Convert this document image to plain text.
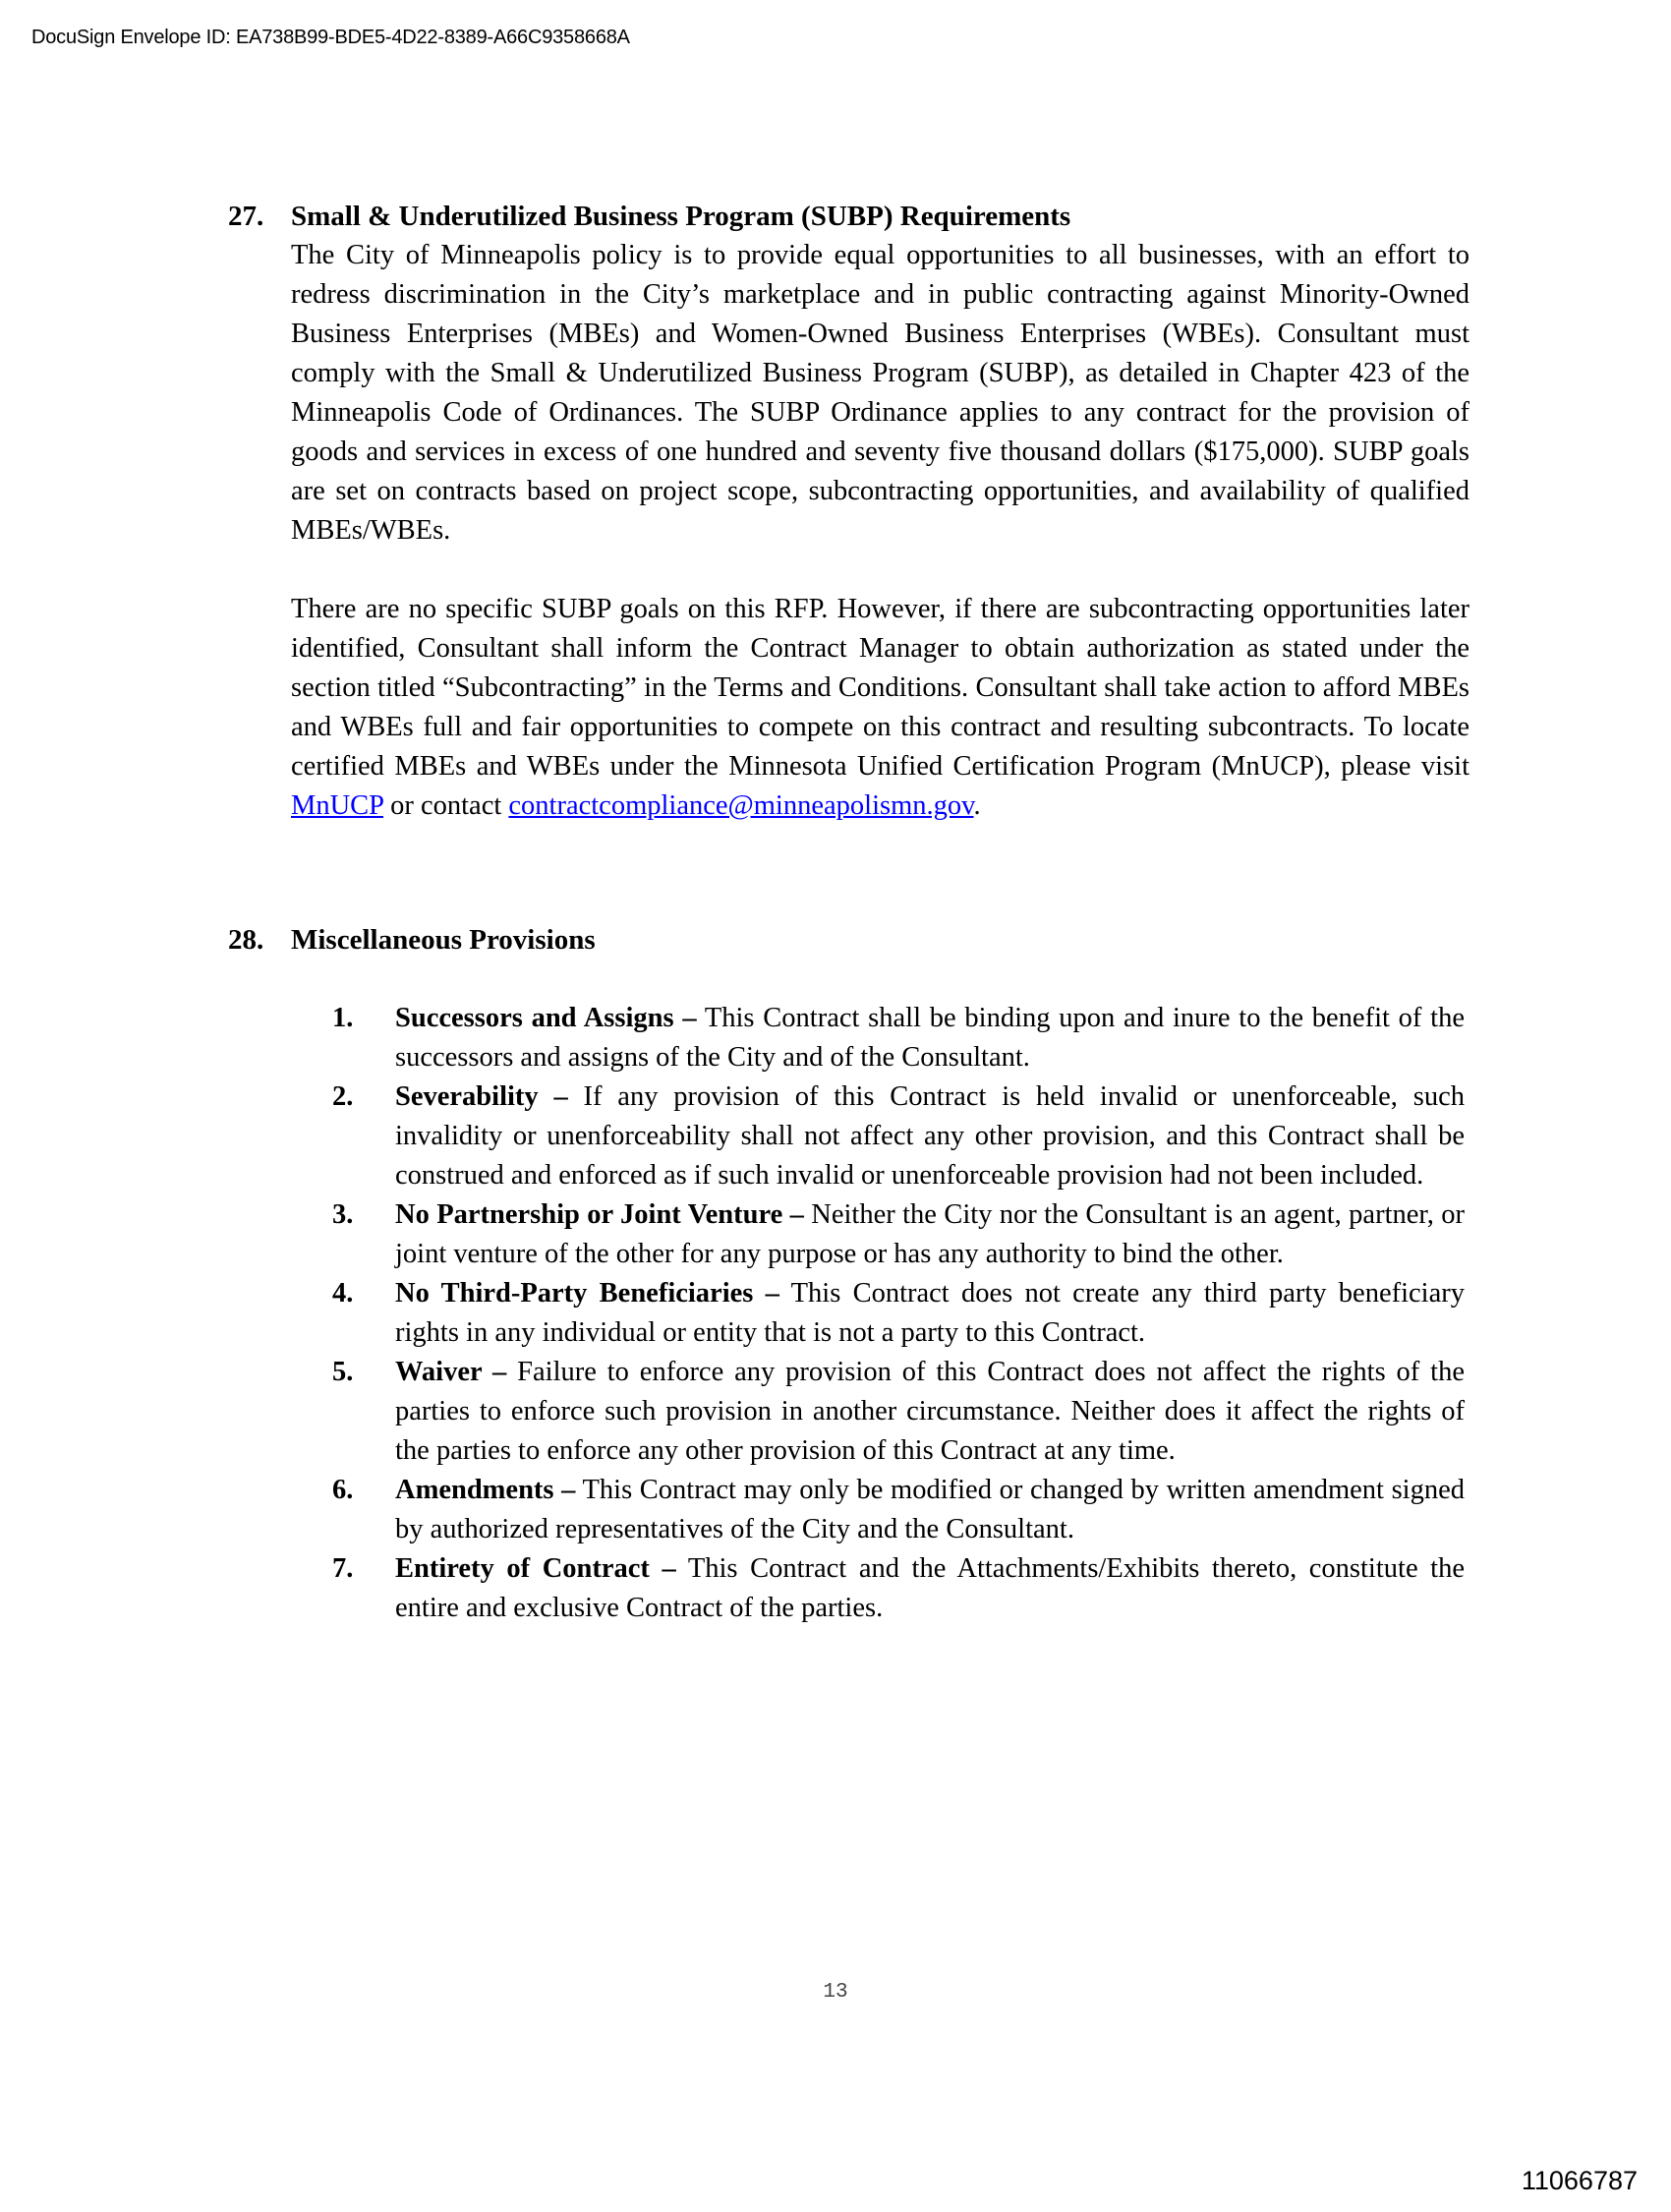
DocuSign Envelope ID: EA738B99-BDE5-4D22-8389-A66C9358668A
27. Small & Underutilized Business Program (SUBP) Requirements

The City of Minneapolis policy is to provide equal opportunities to all businesses, with an effort to redress discrimination in the City’s marketplace and in public contracting against Minority-Owned Business Enterprises (MBEs) and Women-Owned Business Enterprises (WBEs). Consultant must comply with the Small & Underutilized Business Program (SUBP), as detailed in Chapter 423 of the Minneapolis Code of Ordinances. The SUBP Ordinance applies to any contract for the provision of goods and services in excess of one hundred and seventy five thousand dollars ($175,000). SUBP goals are set on contracts based on project scope, subcontracting opportunities, and availability of qualified MBEs/WBEs.

There are no specific SUBP goals on this RFP. However, if there are subcontracting opportunities later identified, Consultant shall inform the Contract Manager to obtain authorization as stated under the section titled “Subcontracting” in the Terms and Conditions. Consultant shall take action to afford MBEs and WBEs full and fair opportunities to compete on this contract and resulting subcontracts. To locate certified MBEs and WBEs under the Minnesota Unified Certification Program (MnUCP), please visit MnUCP or contact contractcompliance@minneapolismn.gov.

28. Miscellaneous Provisions
1. Successors and Assigns – This Contract shall be binding upon and inure to the benefit of the successors and assigns of the City and of the Consultant.
2. Severability – If any provision of this Contract is held invalid or unenforceable, such invalidity or unenforceability shall not affect any other provision, and this Contract shall be construed and enforced as if such invalid or unenforceable provision had not been included.
3. No Partnership or Joint Venture – Neither the City nor the Consultant is an agent, partner, or joint venture of the other for any purpose or has any authority to bind the other.
4. No Third-Party Beneficiaries – This Contract does not create any third party beneficiary rights in any individual or entity that is not a party to this Contract.
5. Waiver – Failure to enforce any provision of this Contract does not affect the rights of the parties to enforce such provision in another circumstance. Neither does it affect the rights of the parties to enforce any other provision of this Contract at any time.
6. Amendments – This Contract may only be modified or changed by written amendment signed by authorized representatives of the City and the Consultant.
7. Entirety of Contract – This Contract and the Attachments/Exhibits thereto, constitute the entire and exclusive Contract of the parties.
13
11066787
